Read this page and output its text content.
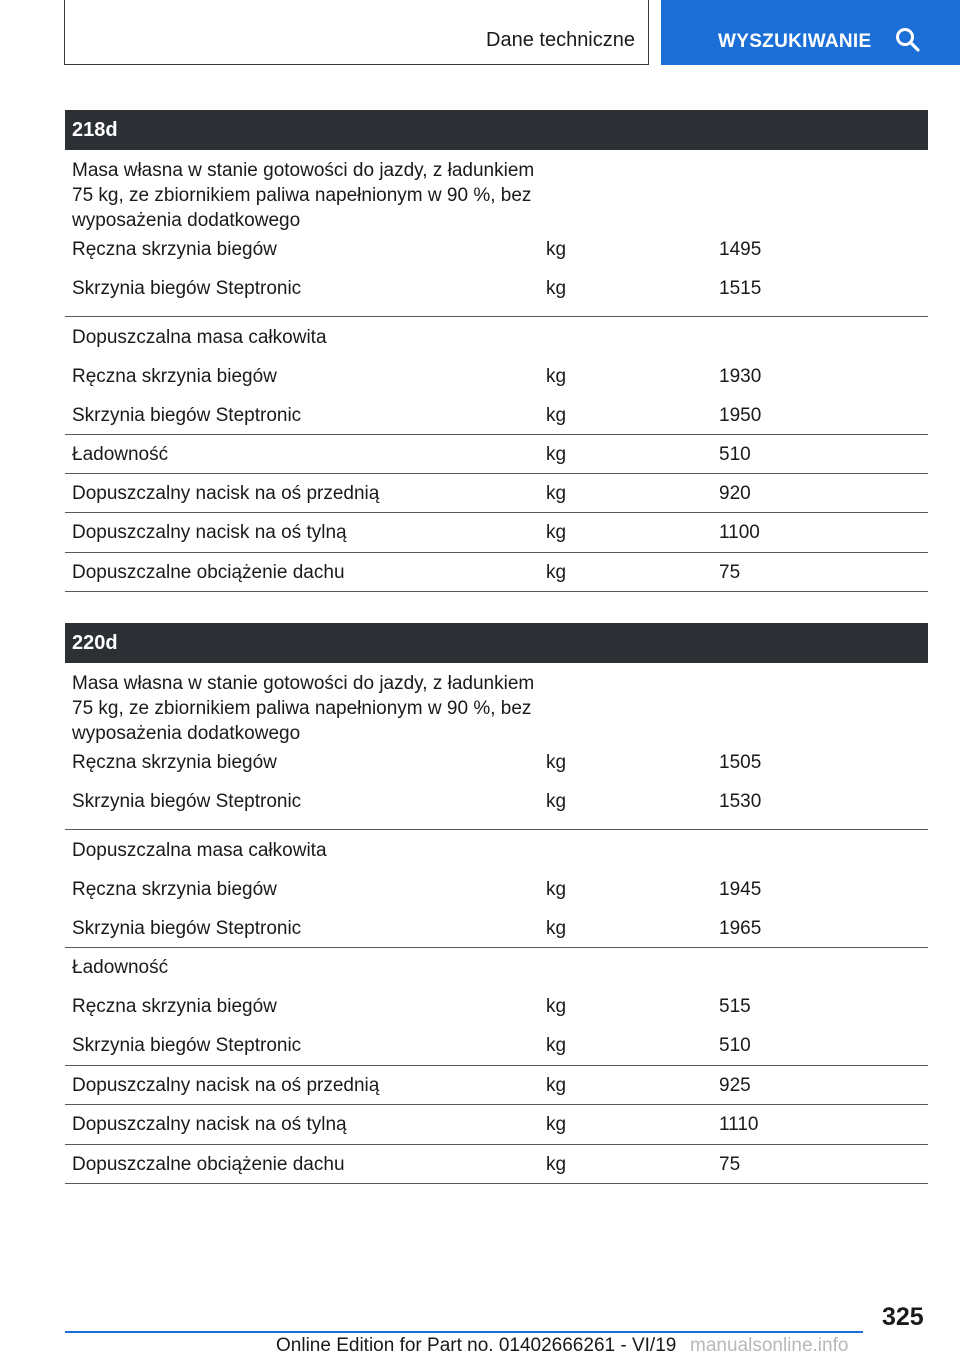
Dane techniczne	WYSZUKIWANIE
218d
Masa własna w stanie gotowości do jazdy, z ładunkiem 75 kg, ze zbiornikiem paliwa napełnionym w 90 %, bez wyposażenia dodatkowego
Ręczna skrzynia biegów	kg	1495
Skrzynia biegów Steptronic	kg	1515
Dopuszczalna masa całkowita
Ręczna skrzynia biegów	kg	1930
Skrzynia biegów Steptronic	kg	1950
Ładowność	kg	510
Dopuszczalny nacisk na oś przednią	kg	920
Dopuszczalny nacisk na oś tylną	kg	1100
Dopuszczalne obciążenie dachu	kg	75
220d
Masa własna w stanie gotowości do jazdy, z ładunkiem 75 kg, ze zbiornikiem paliwa napełnionym w 90 %, bez wyposażenia dodatkowego
Ręczna skrzynia biegów	kg	1505
Skrzynia biegów Steptronic	kg	1530
Dopuszczalna masa całkowita
Ręczna skrzynia biegów	kg	1945
Skrzynia biegów Steptronic	kg	1965
Ładowność
Ręczna skrzynia biegów	kg	515
Skrzynia biegów Steptronic	kg	510
Dopuszczalny nacisk na oś przednią	kg	925
Dopuszczalny nacisk na oś tylną	kg	1110
Dopuszczalne obciążenie dachu	kg	75
325
Online Edition for Part no. 01402666261 - VI/19 manualsonline.info
